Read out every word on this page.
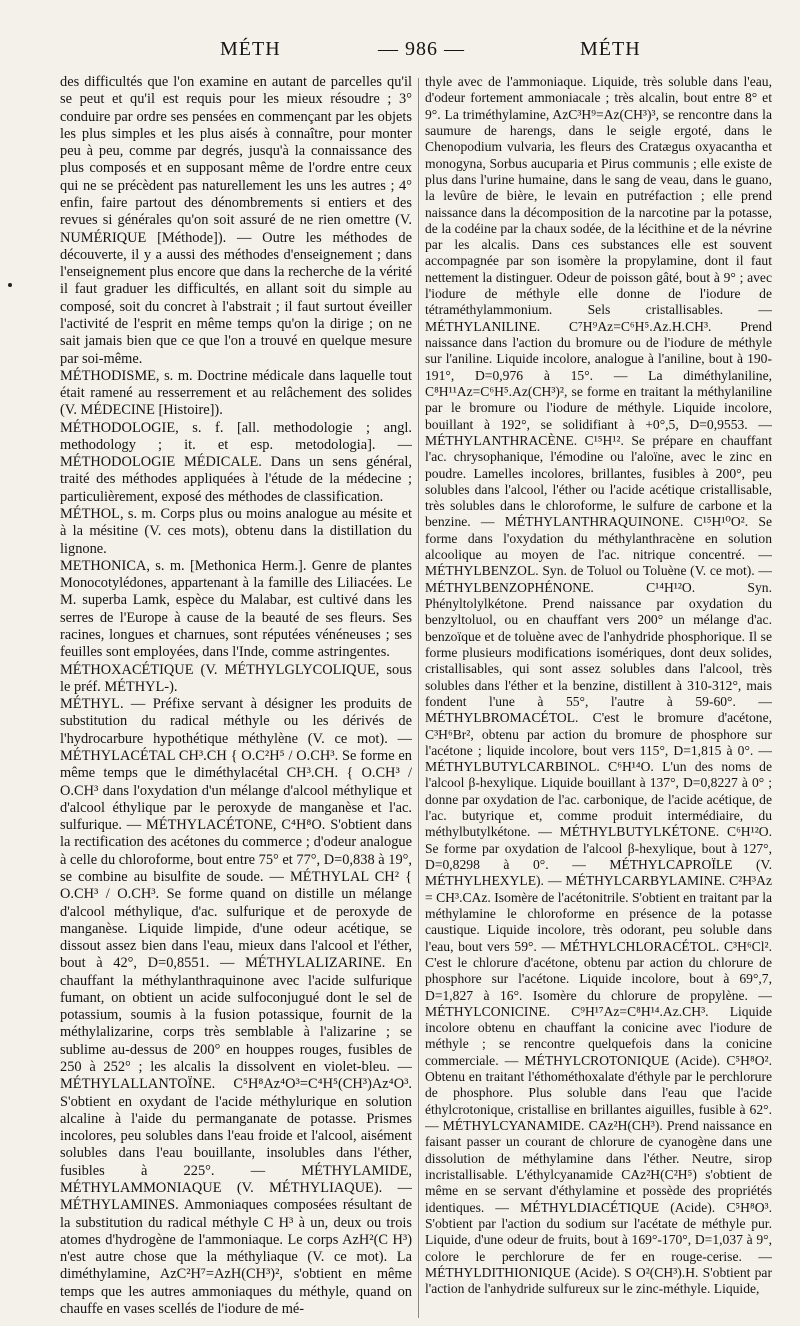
MÉTH	— 986 —	MÉTH

des difficultés que l'on examine en autant de parcelles qu'il se peut et qu'il est requis pour les mieux résoudre ; 3° conduire par ordre ses pensées en commençant par les objets les plus simples et les plus aisés à connaître, pour monter peu à peu, comme par degrés, jusqu'à la connaissance des plus composés et en supposant même de l'ordre entre ceux qui ne se précèdent pas naturellement les uns les autres ; 4° enfin, faire partout des dénombrements si entiers et des revues si générales qu'on soit assuré de ne rien omettre (V. NUMÉRIQUE [Méthode]). — Outre les méthodes de découverte, il y a aussi des méthodes d'enseignement ; dans l'enseignement plus encore que dans la recherche de la vérité il faut graduer les difficultés, en allant soit du simple au composé, soit du concret à l'abstrait ; il faut surtout éveiller l'activité de l'esprit en même temps qu'on la dirige ; on ne sait jamais bien que ce que l'on a trouvé en quelque mesure par soi-même.

MÉTHODISME, s. m. Doctrine médicale dans laquelle tout était ramené au resserrement et au relâchement des solides (V. MÉDECINE [Histoire]).

MÉTHODOLOGIE, s. f. [all. methodologie ; angl. methodology ; it. et esp. metodologia]. — MÉTHODOLOGIE MÉDICALE. Dans un sens général, traité des méthodes appliquées à l'étude de la médecine ; particulièrement, exposé des méthodes de classification.

MÉTHOL, s. m. Corps plus ou moins analogue au mésite et à la mésitine (V. ces mots), obtenu dans la distillation du lignone.

METHONICA, s. m. [Methonica Herm.]. Genre de plantes Monocotylédones, appartenant à la famille des Liliacées. Le M. superba Lamk, espèce du Malabar, est cultivé dans les serres de l'Europe à cause de la beauté de ses fleurs. Ses racines, longues et charnues, sont réputées vénéneuses ; ses feuilles sont employées, dans l'Inde, comme astringentes.

MÉTHOXACÉTIQUE (V. MÉTHYLGLYCOLIQUE, sous le préf. MÉTHYL-).

MÉTHYL. — Préfixe servant à désigner les produits de substitution du radical méthyle ou les dérivés de l'hydrocarbure hypothétique méthylène (V. ce mot). — MÉTHYLACÉTAL CH³.CH { O.C²H⁵ / O.CH³. Se forme en même temps que le diméthylacétal CH³.CH. { O.CH³ / O.CH³ dans l'oxydation d'un mélange d'alcool méthylique et d'alcool éthylique par le peroxyde de manganèse et l'ac. sulfurique. — MÉTHYLACÉTONE, C⁴H⁸O. S'obtient dans la rectification des acétones du commerce ; d'odeur analogue à celle du chloroforme, bout entre 75° et 77°, D=0,838 à 19°, se combine au bisulfite de soude. — MÉTHYLAL CH² { O.CH³ / O.CH³. Se forme quand on distille un mélange d'alcool méthylique, d'ac. sulfurique et de peroxyde de manganèse. Liquide limpide, d'une odeur acétique, se dissout assez bien dans l'eau, mieux dans l'alcool et l'éther, bout à 42°, D=0,8551. — MÉTHYLALIZARINE. En chauffant la méthylanthraquinone avec l'acide sulfurique fumant, on obtient un acide sulfoconjugué dont le sel de potassium, soumis à la fusion potassique, fournit de la méthylalizarine, corps très semblable à l'alizarine ; se sublime au-dessus de 200° en houppes rouges, fusibles de 250 à 252° ; les alcalis la dissolvent en violet-bleu. — MÉTHYLALLANTOÏNE. C⁵H⁸Az⁴O³=C⁴H⁵(CH³)Az⁴O³. S'obtient en oxydant de l'acide méthylurique en solution alcaline à l'aide du permanganate de potasse. Prismes incolores, peu solubles dans l'eau froide et l'alcool, aisément solubles dans l'eau bouillante, insolubles dans l'éther, fusibles à 225°. — MÉTHYLAMIDE, MÉTHYLAMMONIAQUE (V. MÉTHYLIAQUE). — MÉTHYLAMINES. Ammoniaques composées résultant de la substitution du radical méthyle C H³ à un, deux ou trois atomes d'hydrogène de l'ammoniaque. Le corps AzH²(C H³) n'est autre chose que la méthyliaque (V. ce mot). La diméthylamine, AzC²H⁷=AzH(CH³)², s'obtient en même temps que les autres ammoniaques du méthyle, quand on chauffe en vases scellés de l'iodure de mé-

thyle avec de l'ammoniaque. Liquide, très soluble dans l'eau, d'odeur fortement ammoniacale ; très alcalin, bout entre 8° et 9°. La triméthylamine, AzC³H⁹=Az(CH³)³, se rencontre dans la saumure de harengs, dans le seigle ergoté, dans le Chenopodium vulvaria, les fleurs des Cratægus oxyacantha et monogyna, Sorbus aucuparia et Pirus communis ; elle existe de plus dans l'urine humaine, dans le sang de veau, dans le guano, la levûre de bière, le levain en putréfaction ; elle prend naissance dans la décomposition de la narcotine par la potasse, de la codéine par la chaux sodée, de la lécithine et de la névrine par les alcalis. Dans ces substances elle est souvent accompagnée par son isomère la propylamine, dont il faut nettement la distinguer. Odeur de poisson gâté, bout à 9° ; avec l'iodure de méthyle elle donne de l'iodure de tétraméthylammonium. Sels cristallisables. — MÉTHYLANILINE. C⁷H⁹Az=C⁶H⁵.Az.H.CH³. Prend naissance dans l'action du bromure ou de l'iodure de méthyle sur l'aniline. Liquide incolore, analogue à l'aniline, bout à 190-191°, D=0,976 à 15°. — La diméthylaniline, C⁸H¹¹Az=C⁶H⁵.Az(CH³)², se forme en traitant la méthylaniline par le bromure ou l'iodure de méthyle. Liquide incolore, bouillant à 192°, se solidifiant à +0°,5, D=0,9553. — MÉTHYLANTHRACÈNE. C¹⁵H¹². Se prépare en chauffant l'ac. chrysophanique, l'émodine ou l'aloïne, avec le zinc en poudre. Lamelles incolores, brillantes, fusibles à 200°, peu solubles dans l'alcool, l'éther ou l'acide acétique cristallisable, très solubles dans le chloroforme, le sulfure de carbone et la benzine. — MÉTHYLANTHRAQUINONE. C¹⁵H¹⁰O². Se forme dans l'oxydation du méthylanthracène en solution alcoolique au moyen de l'ac. nitrique concentré. — MÉTHYLBENZOL. Syn. de Toluol ou Toluène (V. ce mot). — MÉTHYLBENZOPHÉNONE. C¹⁴H¹²O. Syn. Phényltolylkétone. Prend naissance par oxydation du benzyltoluol, ou en chauffant vers 200° un mélange d'ac. benzoïque et de toluène avec de l'anhydride phosphorique. Il se forme plusieurs modifications isomériques, dont deux solides, cristallisables, qui sont assez solubles dans l'alcool, très solubles dans l'éther et la benzine, distillent à 310-312°, mais fondent l'une à 55°, l'autre à 59-60°. — MÉTHYLBROMACÉTOL. C'est le bromure d'acétone, C³H⁶Br², obtenu par action du bromure de phosphore sur l'acétone ; liquide incolore, bout vers 115°, D=1,815 à 0°. — MÉTHYLBUTYLCARBINOL. C⁶H¹⁴O. L'un des noms de l'alcool β-hexylique. Liquide bouillant à 137°, D=0,8227 à 0° ; donne par oxydation de l'ac. carbonique, de l'acide acétique, de l'ac. butyrique et, comme produit intermédiaire, du méthylbutylkétone. — MÉTHYLBUTYLKÉTONE. C⁶H¹²O. Se forme par oxydation de l'alcool β-hexylique, bout à 127°, D=0,8298 à 0°. — MÉTHYLCAPROÏLE (V. MÉTHYLHEXYLE). — MÉTHYLCARBYLAMINE. C²H³Az = CH³.CAz. Isomère de l'acétonitrile. S'obtient en traitant par la méthylamine le chloroforme en présence de la potasse caustique. Liquide incolore, très odorant, peu soluble dans l'eau, bout vers 59°. — MÉTHYLCHLORACÉTOL. C³H⁶Cl². C'est le chlorure d'acétone, obtenu par action du chlorure de phosphore sur l'acétone. Liquide incolore, bout à 69°,7, D=1,827 à 16°. Isomère du chlorure de propylène. — MÉTHYLCONICINE. C⁹H¹⁷Az=C⁸H¹⁴.Az.CH³. Liquide incolore obtenu en chauffant la conicine avec l'iodure de méthyle ; se rencontre quelquefois dans la conicine commerciale. — MÉTHYLCROTONIQUE (Acide). C⁵H⁸O². Obtenu en traitant l'éthométhoxalate d'éthyle par le perchlorure de phosphore. Plus soluble dans l'eau que l'acide éthylcrotonique, cristallise en brillantes aiguilles, fusible à 62°. — MÉTHYLCYANAMIDE. CAz²H(CH³). Prend naissance en faisant passer un courant de chlorure de cyanogène dans une dissolution de méthylamine dans l'éther. Neutre, sirop incristallisable. L'éthylcyanamide CAz²H(C²H⁵) s'obtient de même en se servant d'éthylamine et possède des propriétés identiques. — MÉTHYLDIACÉTIQUE (Acide). C⁵H⁸O³. S'obtient par l'action du sodium sur l'acétate de méthyle pur. Liquide, d'une odeur de fruits, bout à 169°-170°, D=1,037 à 9°, colore le perchlorure de fer en rouge-cerise. — MÉTHYLDITHIONIQUE (Acide). S O²(CH³).H. S'obtient par l'action de l'anhydride sulfureux sur le zinc-méthyle. Liquide,
